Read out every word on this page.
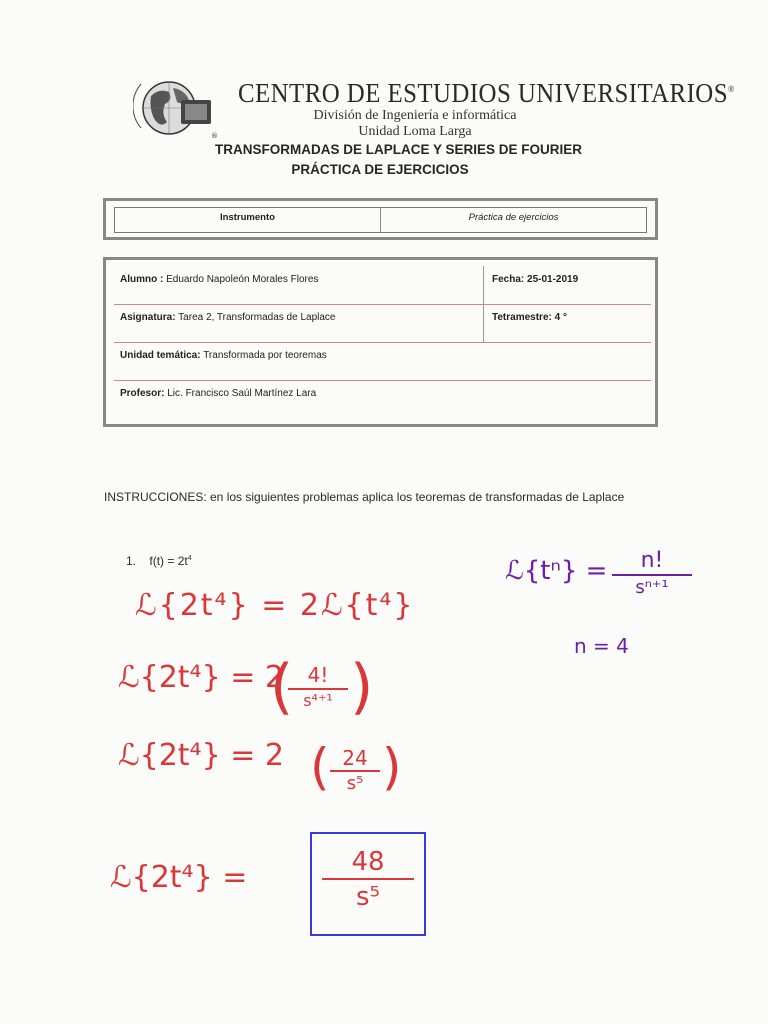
®
CENTRO DE ESTUDIOS UNIVERSITARIOS®
División de Ingeniería e informática
Unidad Loma Larga
TRANSFORMADAS DE LAPLACE Y SERIES DE FOURIER
PRÁCTICA DE EJERCICIOS
Instrumento	Práctica de ejercicios
Alumno : Eduardo Napoleón Morales Flores	Fecha: 25-01-2019
Asignatura: Tarea 2, Transformadas de Laplace	Tetramestre: 4 °
Unidad temática: Transformada por teoremas
Profesor: Lic. Francisco Saúl Martínez Lara
INSTRUCCIONES: en los siguientes problemas aplica los teoremas de transformadas de Laplace
1. $f(t) = 2t^4$	ℒ{tⁿ} =	n!
sⁿ⁺¹
n = 4
ℒ{2t⁴} = 2ℒ{t⁴}
ℒ{2t⁴} = 2
( 4!
s⁴⁺¹ )
ℒ{2t⁴} = 2 ( $\frac{24}{\text{s⁵}}$ )
ℒ{2t⁴} =	$\frac{48}{\text{s⁵}}$
